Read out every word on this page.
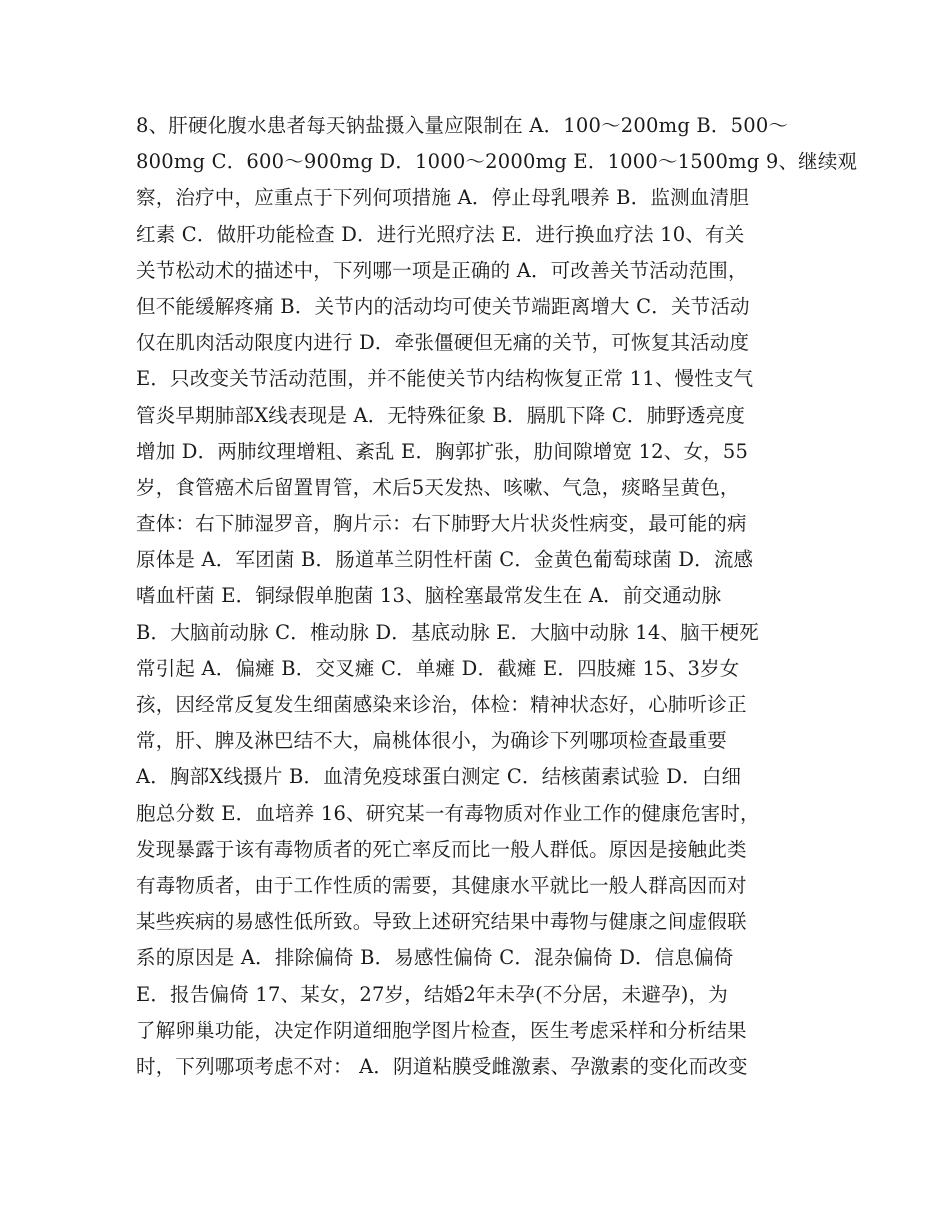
8、肝硬化腹水患者每天钠盐摄入量应限制在 A．100～200mg B．500～
800mg C．600～900mg D．1000～2000mg E．1000～1500mg 9、继续观
察，治疗中，应重点于下列何项措施 A．停止母乳喂养 B．监测血清胆
红素 C．做肝功能检查 D．进行光照疗法 E．进行换血疗法 10、有关
关节松动术的描述中，下列哪一项是正确的 A．可改善关节活动范围，
但不能缓解疼痛 B．关节内的活动均可使关节端距离增大 C．关节活动
仅在肌肉活动限度内进行 D．牵张僵硬但无痛的关节，可恢复其活动度
E．只改变关节活动范围，并不能使关节内结构恢复正常 11、慢性支气
管炎早期肺部X线表现是 A．无特殊征象 B．膈肌下降 C．肺野透亮度
增加 D．两肺纹理增粗、紊乱 E．胸郭扩张，肋间隙增宽 12、女，55
岁，食管癌术后留置胃管，术后5天发热、咳嗽、气急，痰略呈黄色，
查体：右下肺湿罗音，胸片示：右下肺野大片状炎性病变，最可能的病
原体是 A．军团菌 B．肠道革兰阴性杆菌 C．金黄色葡萄球菌 D．流感
嗜血杆菌 E．铜绿假单胞菌 13、脑栓塞最常发生在 A．前交通动脉
B．大脑前动脉 C．椎动脉 D．基底动脉 E．大脑中动脉 14、脑干梗死
常引起 A．偏瘫 B．交叉瘫 C．单瘫 D．截瘫 E．四肢瘫 15、3岁女
孩，因经常反复发生细菌感染来诊治，体检：精神状态好，心肺听诊正
常，肝、脾及淋巴结不大，扁桃体很小，为确诊下列哪项检查最重要
A．胸部X线摄片 B．血清免疫球蛋白测定 C．结核菌素试验 D．白细
胞总分数 E．血培养 16、研究某一有毒物质对作业工作的健康危害时，
发现暴露于该有毒物质者的死亡率反而比一般人群低。原因是接触此类
有毒物质者，由于工作性质的需要，其健康水平就比一般人群高因而对
某些疾病的易感性低所致。导致上述研究结果中毒物与健康之间虚假联
系的原因是 A．排除偏倚 B．易感性偏倚 C．混杂偏倚 D．信息偏倚
E．报告偏倚 17、某女，27岁，结婚2年未孕(不分居，未避孕)，为
了解卵巢功能，决定作阴道细胞学图片检查，医生考虑采样和分析结果
时，下列哪项考虑不对： A．阴道粘膜受雌激素、孕激素的变化而改变
